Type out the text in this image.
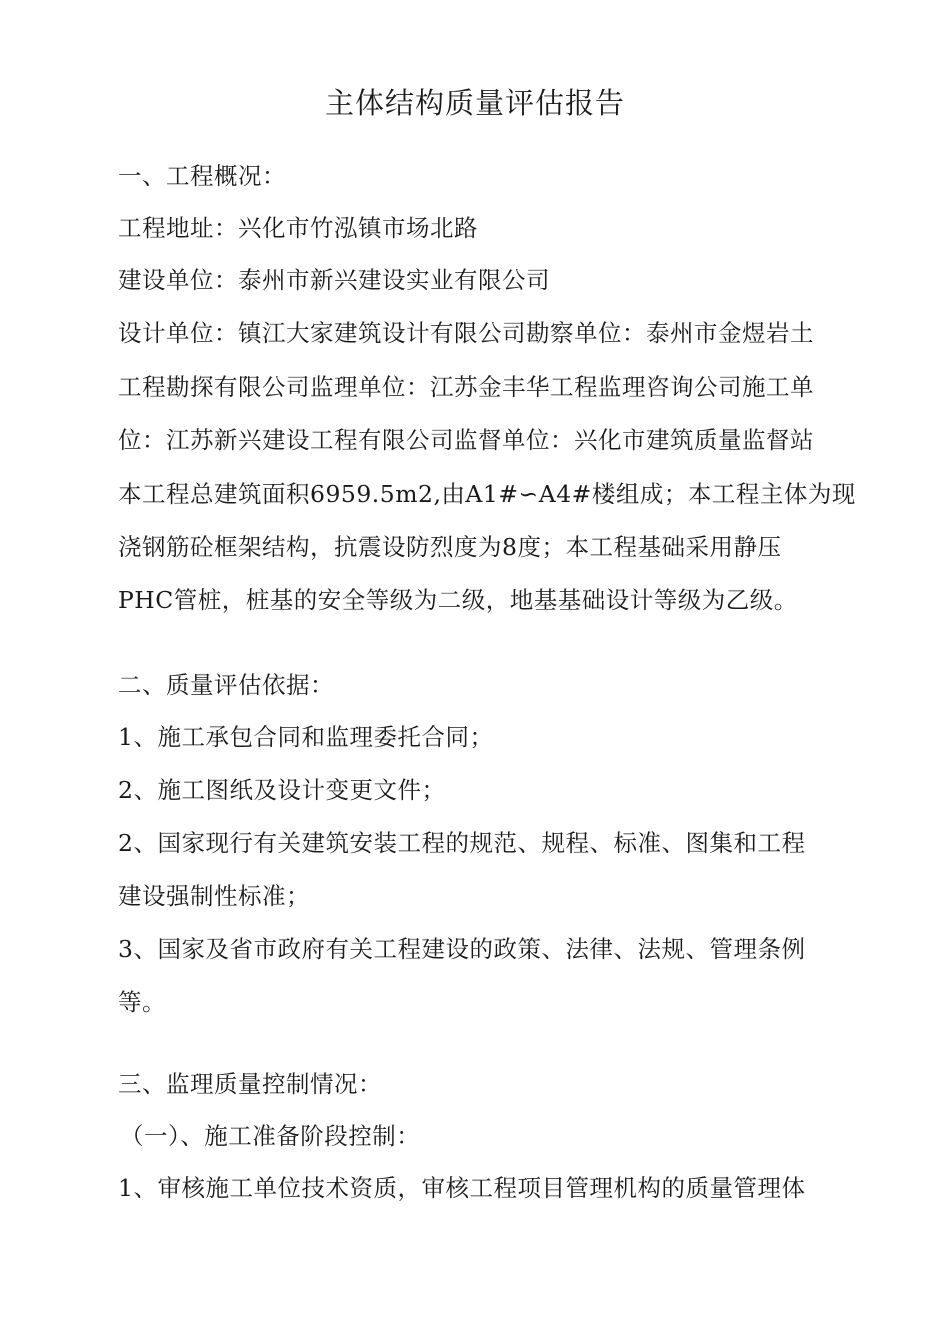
主体结构质量评估报告
一、工程概况：
工程地址：兴化市竹泓镇市场北路
建设单位：泰州市新兴建设实业有限公司
设计单位：镇江大家建筑设计有限公司勘察单位：泰州市金煜岩土
工程勘探有限公司监理单位：江苏金丰华工程监理咨询公司施工单
位：江苏新兴建设工程有限公司监督单位：兴化市建筑质量监督站
本工程总建筑面积6959.5m2,由A1#∽A4#楼组成；本工程主体为现
浇钢筋砼框架结构，抗震设防烈度为8度；本工程基础采用静压
PHC管桩，桩基的安全等级为二级，地基基础设计等级为乙级。
二、质量评估依据：
1、施工承包合同和监理委托合同；
2、施工图纸及设计变更文件；
2、国家现行有关建筑安装工程的规范、规程、标准、图集和工程
建设强制性标准；
3、国家及省市政府有关工程建设的政策、法律、法规、管理条例
等。
三、监理质量控制情况：
（一）、施工准备阶段控制：
1、审核施工单位技术资质，审核工程项目管理机构的质量管理体
